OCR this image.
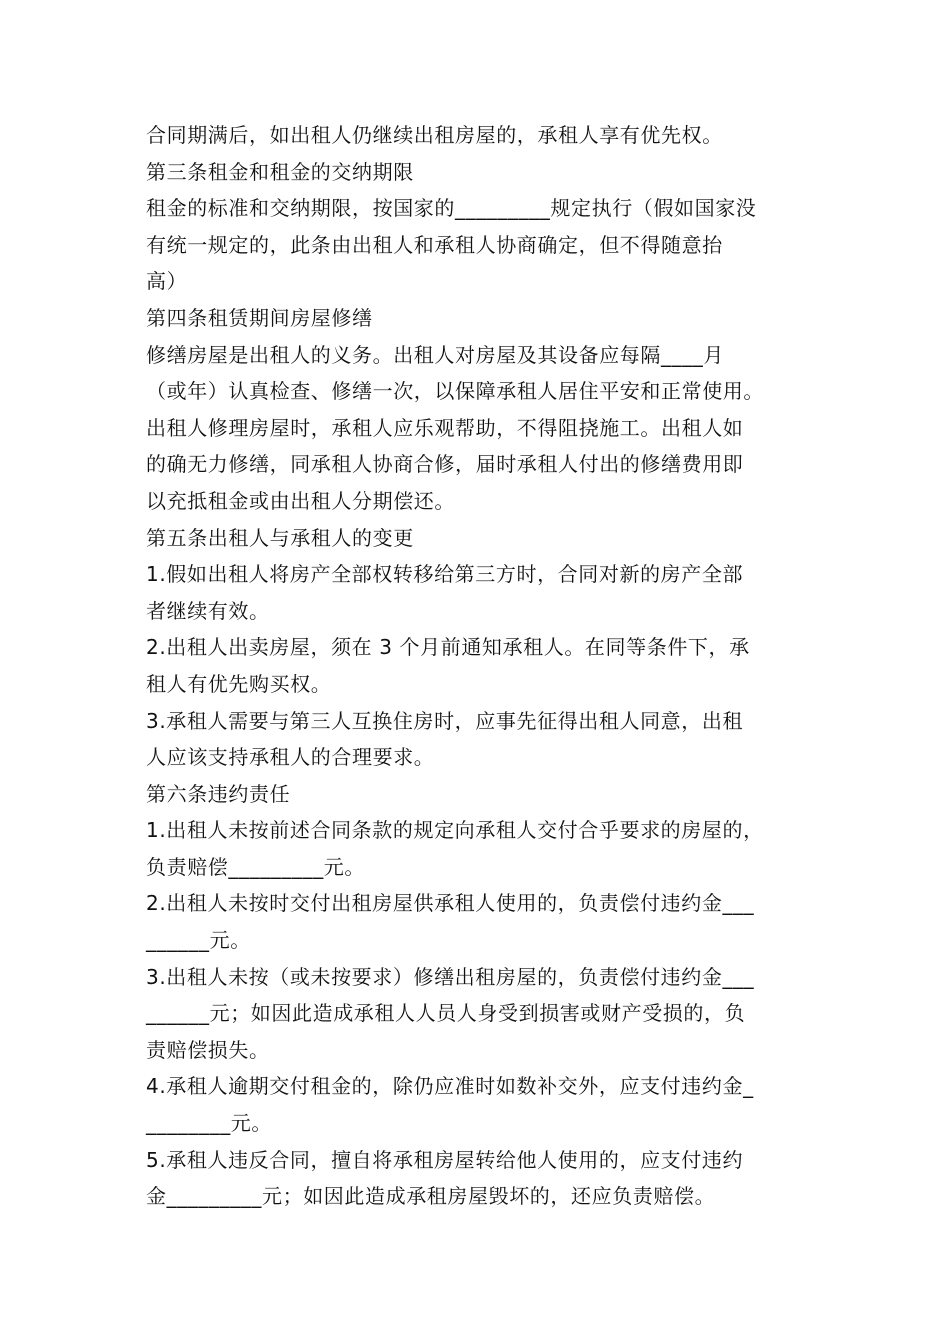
合同期满后，如出租人仍继续出租房屋的，承租人享有优先权。
第三条租金和租金的交纳期限
租金的标准和交纳期限，按国家的_________规定执行（假如国家没
有统一规定的，此条由出租人和承租人协商确定，但不得随意抬
高）
第四条租赁期间房屋修缮
修缮房屋是出租人的义务。出租人对房屋及其设备应每隔____月
（或年）认真检查、修缮一次，以保障承租人居住平安和正常使用。
出租人修理房屋时，承租人应乐观帮助，不得阻挠施工。出租人如
的确无力修缮，同承租人协商合修，届时承租人付出的修缮费用即
以充抵租金或由出租人分期偿还。
第五条出租人与承租人的变更
1.假如出租人将房产全部权转移给第三方时，合同对新的房产全部
者继续有效。
2.出租人出卖房屋，须在 3 个月前通知承租人。在同等条件下，承
租人有优先购买权。
3.承租人需要与第三人互换住房时，应事先征得出租人同意，出租
人应该支持承租人的合理要求。
第六条违约责任
1.出租人未按前述合同条款的规定向承租人交付合乎要求的房屋的，
负责赔偿_________元。
2.出租人未按时交付出租房屋供承租人使用的，负责偿付违约金___
______元。
3.出租人未按（或未按要求）修缮出租房屋的，负责偿付违约金___
______元；如因此造成承租人人员人身受到损害或财产受损的，负
责赔偿损失。
4.承租人逾期交付租金的，除仍应准时如数补交外，应支付违约金_
________元。
5.承租人违反合同，擅自将承租房屋转给他人使用的，应支付违约
金_________元；如因此造成承租房屋毁坏的，还应负责赔偿。
